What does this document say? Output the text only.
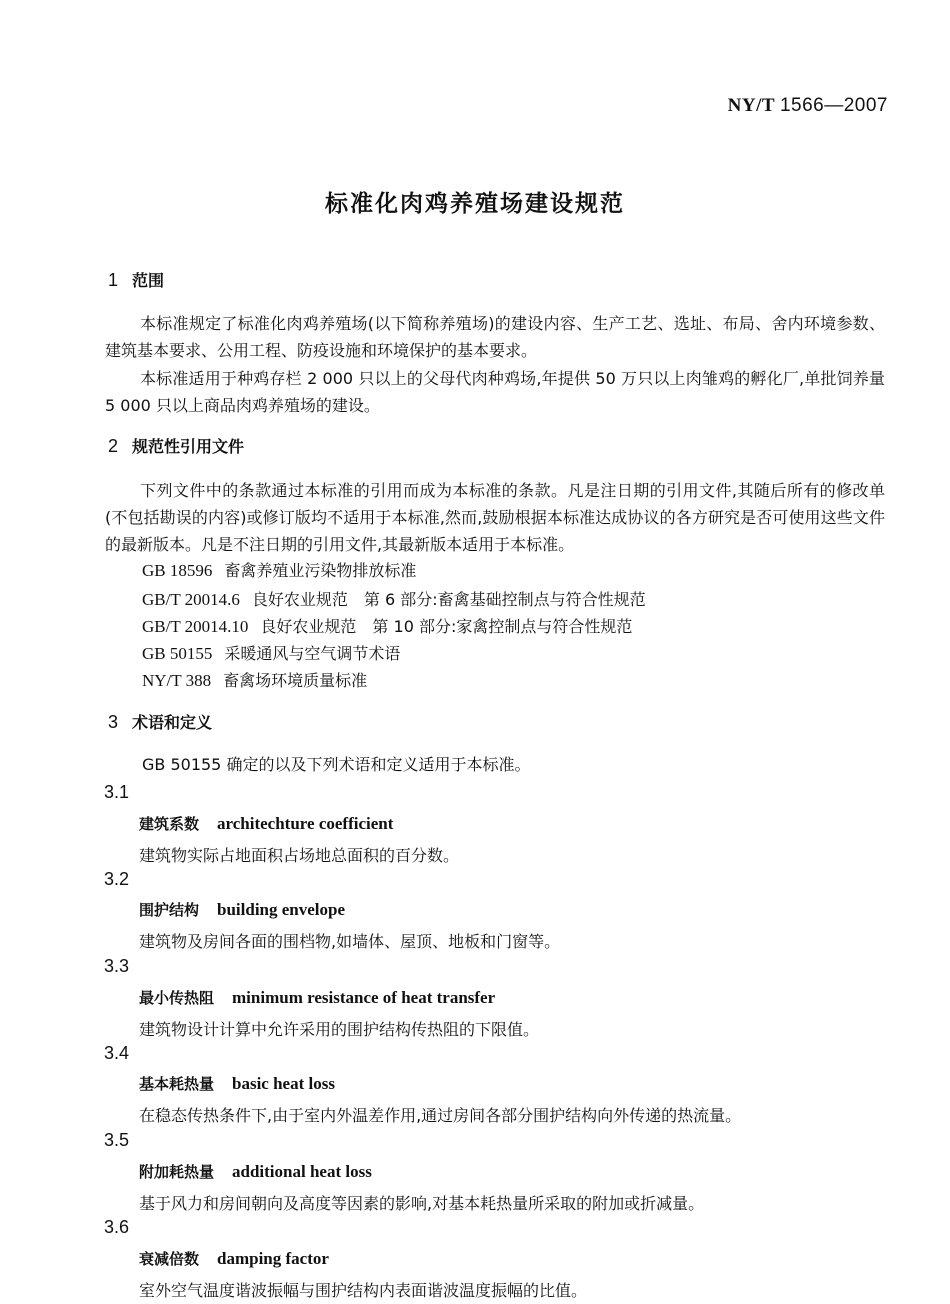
NY/T 1566—2007
标准化肉鸡养殖场建设规范
1 范围
本标准规定了标准化肉鸡养殖场(以下简称养殖场)的建设内容、生产工艺、选址、布局、舍内环境参数、建筑基本要求、公用工程、防疫设施和环境保护的基本要求。
本标准适用于种鸡存栏 2 000 只以上的父母代肉种鸡场,年提供 50 万只以上肉雏鸡的孵化厂,单批饲养量 5 000 只以上商品肉鸡养殖场的建设。
2 规范性引用文件
下列文件中的条款通过本标准的引用而成为本标准的条款。凡是注日期的引用文件,其随后所有的修改单(不包括勘误的内容)或修订版均不适用于本标准,然而,鼓励根据本标准达成协议的各方研究是否可使用这些文件的最新版本。凡是不注日期的引用文件,其最新版本适用于本标准。
GB 18596 畜禽养殖业污染物排放标准
GB/T 20014.6 良好农业规范　第 6 部分:畜禽基础控制点与符合性规范
GB/T 20014.10 良好农业规范　第 10 部分:家禽控制点与符合性规范
GB 50155 采暖通风与空气调节术语
NY/T 388 畜禽场环境质量标准
3 术语和定义
GB 50155 确定的以及下列术语和定义适用于本标准。
3.1
建筑系数 architechture coefficient
建筑物实际占地面积占场地总面积的百分数。
3.2
围护结构 building envelope
建筑物及房间各面的围档物,如墙体、屋顶、地板和门窗等。
3.3
最小传热阻 minimum resistance of heat transfer
建筑物设计计算中允许采用的围护结构传热阻的下限值。
3.4
基本耗热量 basic heat loss
在稳态传热条件下,由于室内外温差作用,通过房间各部分围护结构向外传递的热流量。
3.5
附加耗热量 additional heat loss
基于风力和房间朝向及高度等因素的影响,对基本耗热量所采取的附加或折减量。
3.6
衰减倍数 damping factor
室外空气温度谐波振幅与围护结构内表面谐波温度振幅的比值。
